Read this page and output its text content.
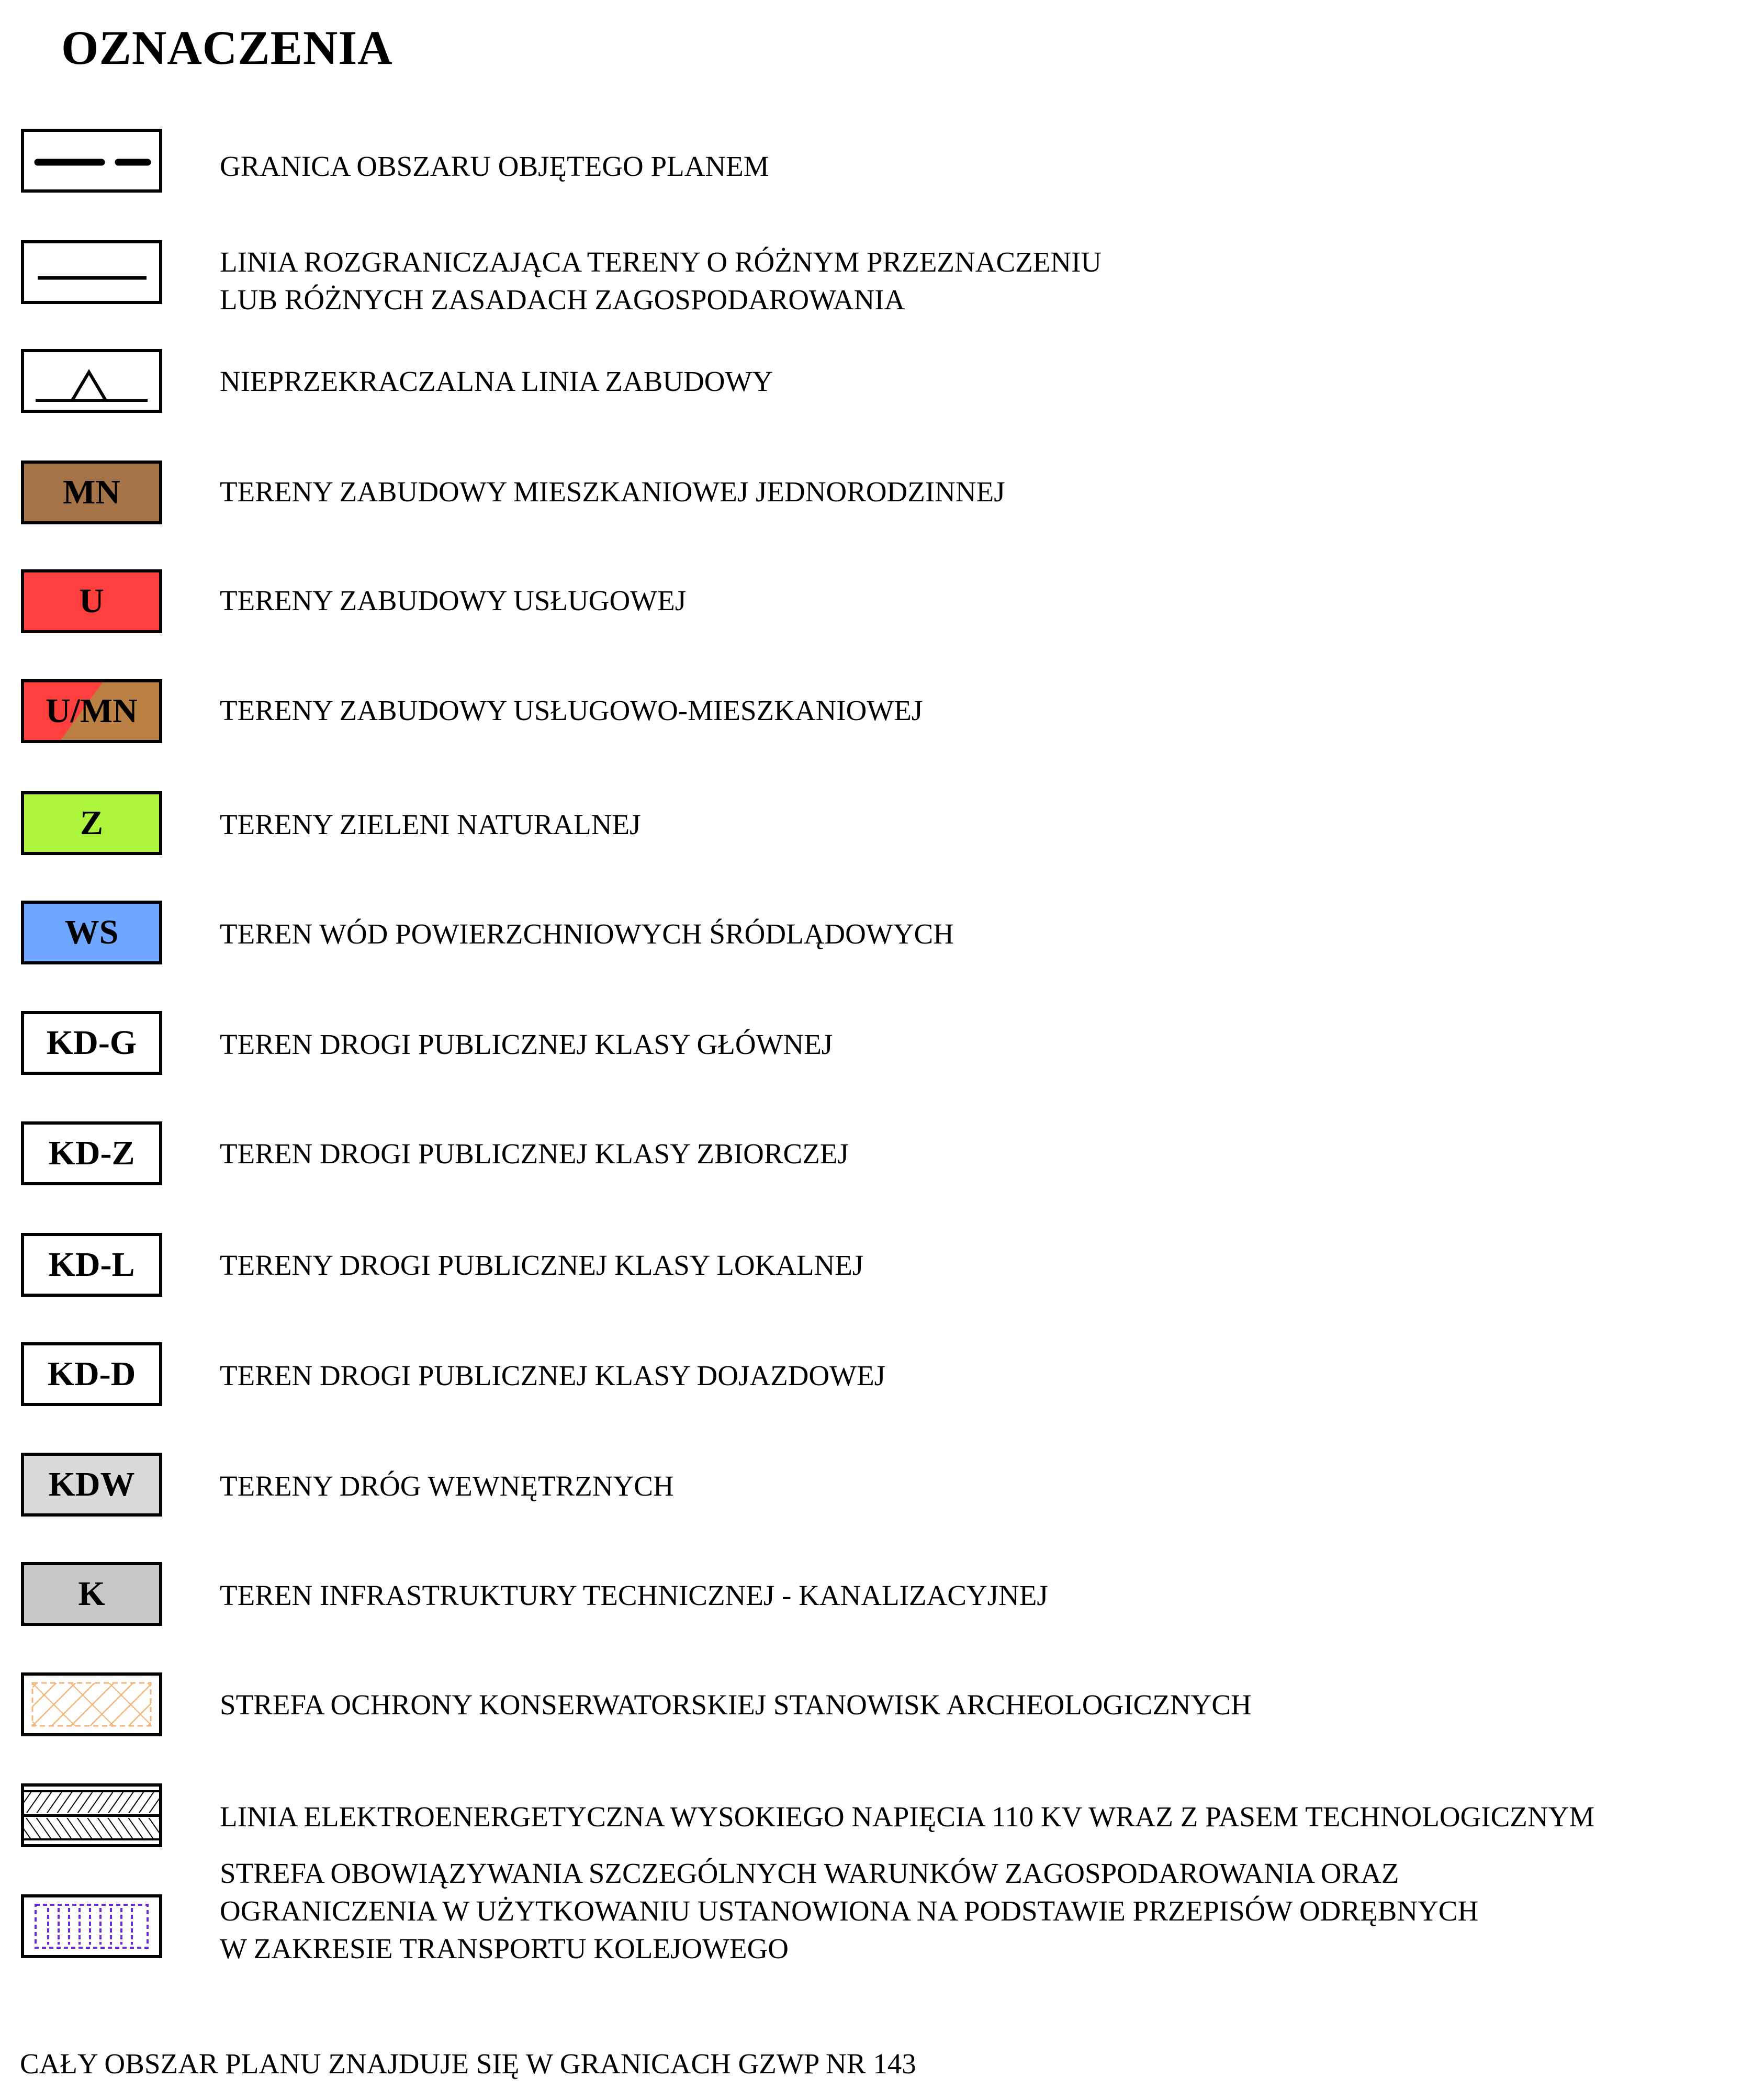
OZNACZENIA
GRANICA OBSZARU OBJĘTEGO PLANEM
LINIA ROZGRANICZAJĄCA TERENY O RÓŻNYM PRZEZNACZENIU
LUB RÓŻNYCH ZASADACH ZAGOSPODAROWANIA
NIEPRZEKRACZALNA LINIA ZABUDOWY
MN	TERENY ZABUDOWY MIESZKANIOWEJ JEDNORODZINNEJ
U	TERENY ZABUDOWY USŁUGOWEJ
U/MN	TERENY ZABUDOWY USŁUGOWO-MIESZKANIOWEJ
Z	TERENY ZIELENI NATURALNEJ
WS	TEREN WÓD POWIERZCHNIOWYCH ŚRÓDLĄDOWYCH
KD-G	TEREN DROGI PUBLICZNEJ KLASY GŁÓWNEJ
KD-Z	TEREN DROGI PUBLICZNEJ KLASY ZBIORCZEJ
KD-L	TERENY DROGI PUBLICZNEJ KLASY LOKALNEJ
KD-D	TEREN DROGI PUBLICZNEJ KLASY DOJAZDOWEJ
KDW	TERENY DRÓG WEWNĘTRZNYCH
K	TEREN INFRASTRUKTURY TECHNICZNEJ - KANALIZACYJNEJ
STREFA OCHRONY KONSERWATORSKIEJ STANOWISK ARCHEOLOGICZNYCH
LINIA ELEKTROENERGETYCZNA WYSOKIEGO NAPIĘCIA 110 KV WRAZ Z PASEM TECHNOLOGICZNYM
STREFA OBOWIĄZYWANIA SZCZEGÓLNYCH WARUNKÓW ZAGOSPODAROWANIA ORAZ
OGRANICZENIA W UŻYTKOWANIU USTANOWIONA NA PODSTAWIE PRZEPISÓW ODRĘBNYCH
W ZAKRESIE TRANSPORTU KOLEJOWEGO
CAŁY OBSZAR PLANU ZNAJDUJE SIĘ W GRANICACH GZWP NR 143
